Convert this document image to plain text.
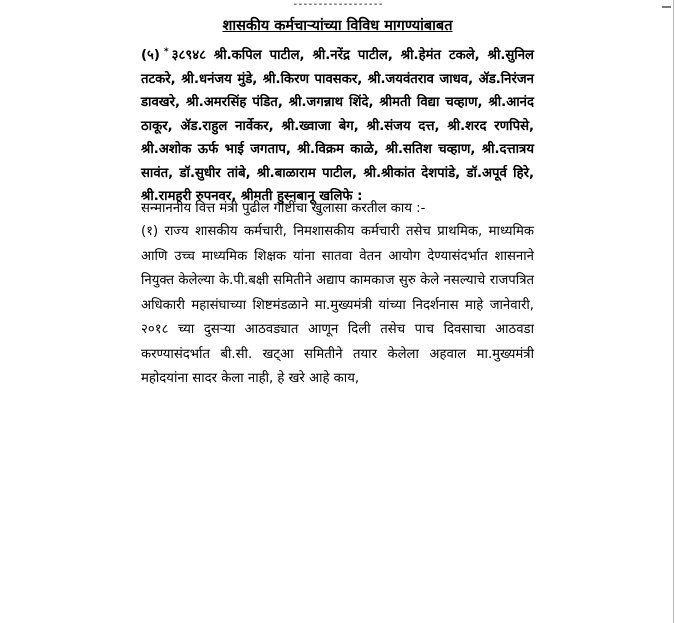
------------------
शासकीय कर्मचाऱ्यांच्या विविध मागण्यांबाबत

(५) * ३८९४८ श्री.कपिल पाटील, श्री.नरेंद्र पाटील, श्री.हेमंत टकले, श्री.सुनिल तटकरे, श्री.धनंजय मुंडे, श्री.किरण पावसकर, श्री.जयवंतराव जाधव, ॲड.निरंजन डावखरे, श्री.अमरसिंह पंडित, श्री.जगन्नाथ शिंदे, श्रीमती विद्या चव्हाण, श्री.आनंद ठाकूर, ॲड.राहुल नार्वेकर, श्री.ख्वाजा बेग, श्री.संजय दत्त, श्री.शरद रणपिसे, श्री.अशोक ऊर्फ भाई जगताप, श्री.विक्रम काळे, श्री.सतिश चव्हाण, श्री.दत्तात्रय सावंत, डॉ.सुधीर तांबे, श्री.बाळाराम पाटील, श्री.श्रीकांत देशपांडे, डॉ.अपूर्व हिरे, श्री.रामहरी रुपनवर, श्रीमती हुस्नबानू खलिफे :

सन्माननीय वित्त मंत्री पुढील गोष्टींचा खुलासा करतील काय :-

(१) राज्य शासकीय कर्मचारी, निमशासकीय कर्मचारी तसेच प्राथमिक, माध्यमिक आणि उच्च माध्यमिक शिक्षक यांना सातवा वेतन आयोग देण्यासंदर्भात शासनाने नियुक्त केलेल्या के.पी.बक्षी समितीने अद्याप कामकाज सुरु केले नसल्याचे राजपत्रित अधिकारी महासंघाच्या शिष्टमंडळाने मा.मुख्यमंत्री यांच्या निदर्शनास माहे जानेवारी, २०१८ च्या दुसऱ्या आठवड्यात आणून दिली तसेच पाच दिवसाचा आठवडा करण्यासंदर्भात बी.सी. खट्आ समितीने तयार केलेला अहवाल मा.मुख्यमंत्री महोदयांना सादर केला नाही, हे खरे आहे काय,
